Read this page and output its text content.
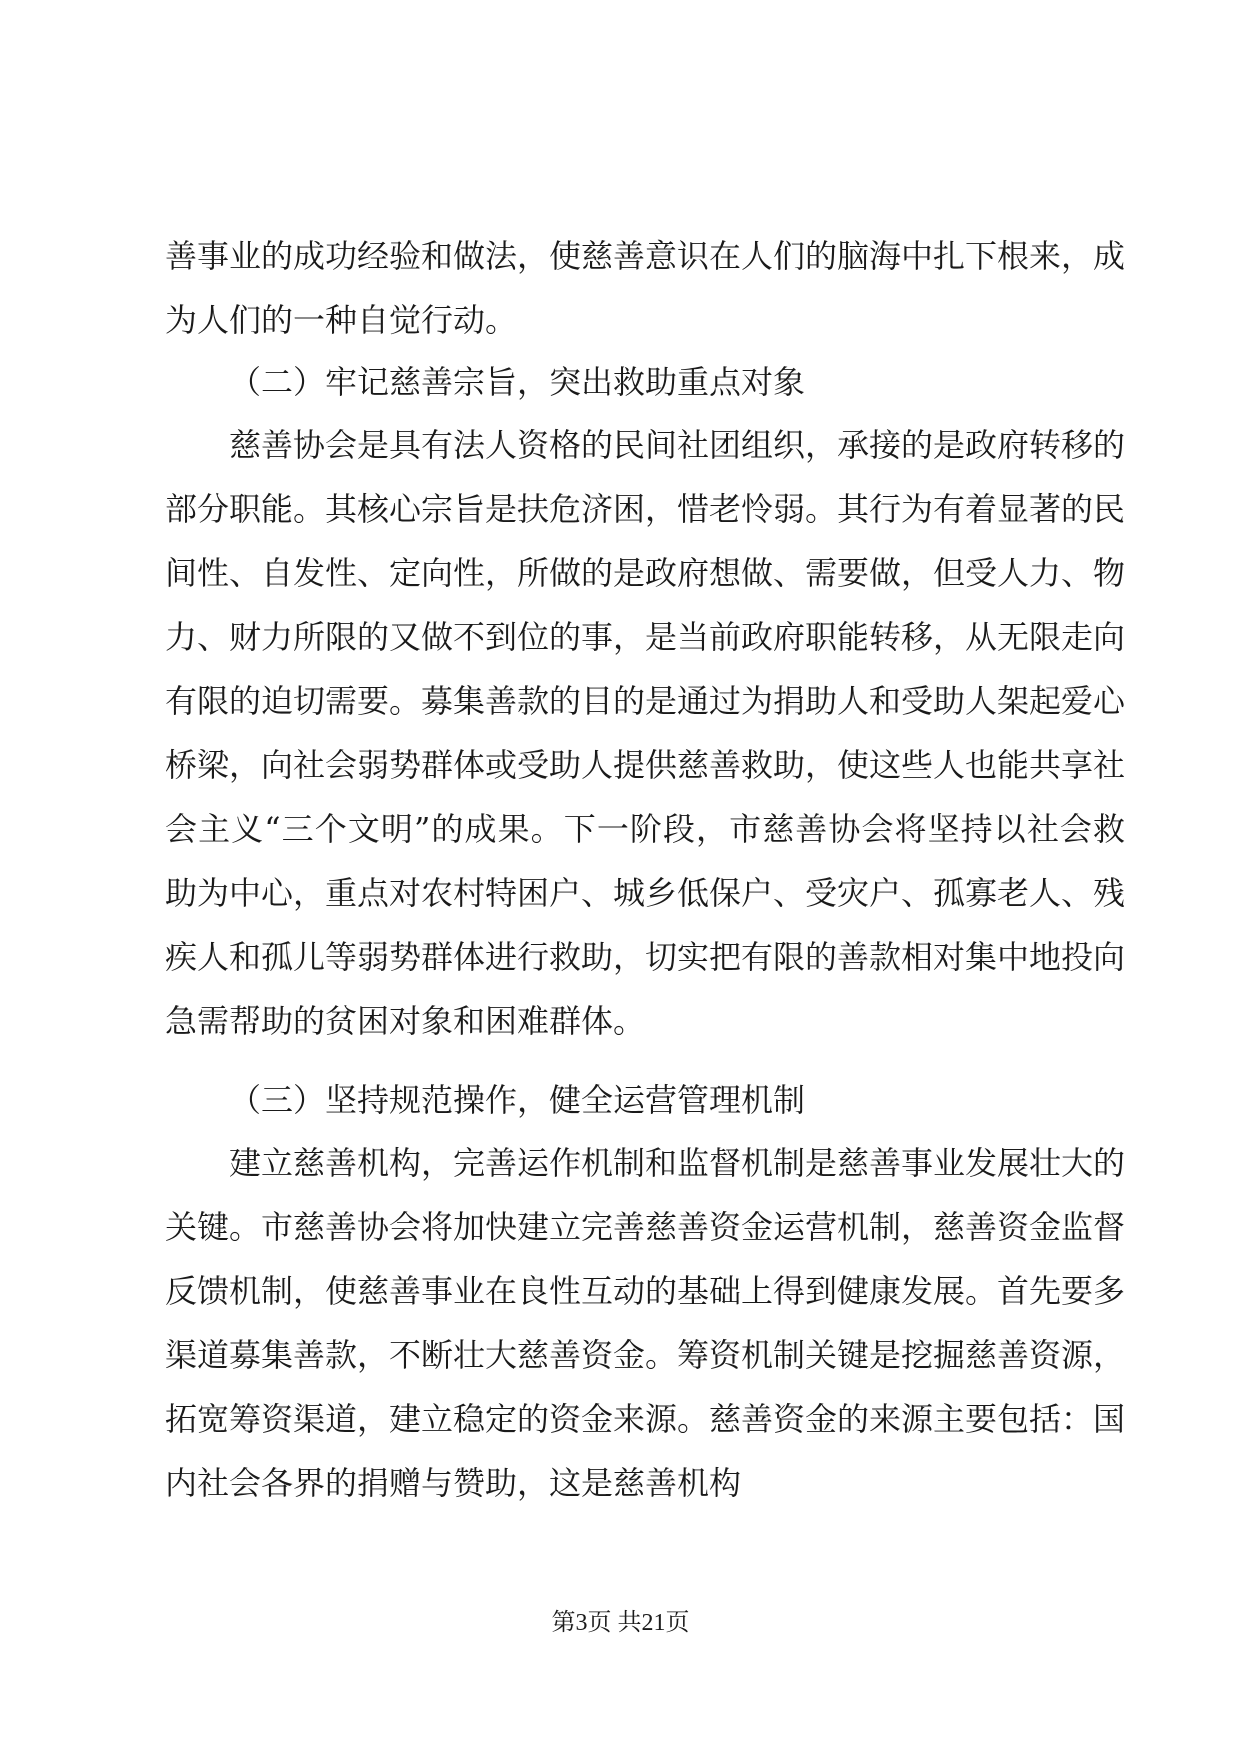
善事业的成功经验和做法，使慈善意识在人们的脑海中扎下根来，成为人们的一种自觉行动。

（二）牢记慈善宗旨，突出救助重点对象

慈善协会是具有法人资格的民间社团组织，承接的是政府转移的部分职能。其核心宗旨是扶危济困，惜老怜弱。其行为有着显著的民间性、自发性、定向性，所做的是政府想做、需要做，但受人力、物力、财力所限的又做不到位的事，是当前政府职能转移，从无限走向有限的迫切需要。募集善款的目的是通过为捐助人和受助人架起爱心桥梁，向社会弱势群体或受助人提供慈善救助，使这些人也能共享社会主义“三个文明”的成果。下一阶段，市慈善协会将坚持以社会救助为中心，重点对农村特困户、城乡低保户、受灾户、孤寡老人、残疾人和孤儿等弱势群体进行救助，切实把有限的善款相对集中地投向急需帮助的贫困对象和困难群体。

（三）坚持规范操作，健全运营管理机制

建立慈善机构，完善运作机制和监督机制是慈善事业发展壮大的关键。市慈善协会将加快建立完善慈善资金运营机制，慈善资金监督反馈机制，使慈善事业在良性互动的基础上得到健康发展。首先要多渠道募集善款，不断壮大慈善资金。筹资机制关键是挖掘慈善资源，拓宽筹资渠道，建立稳定的资金来源。慈善资金的来源主要包括：国内社会各界的捐赠与赞助，这是慈善机构

第3页 共21页
